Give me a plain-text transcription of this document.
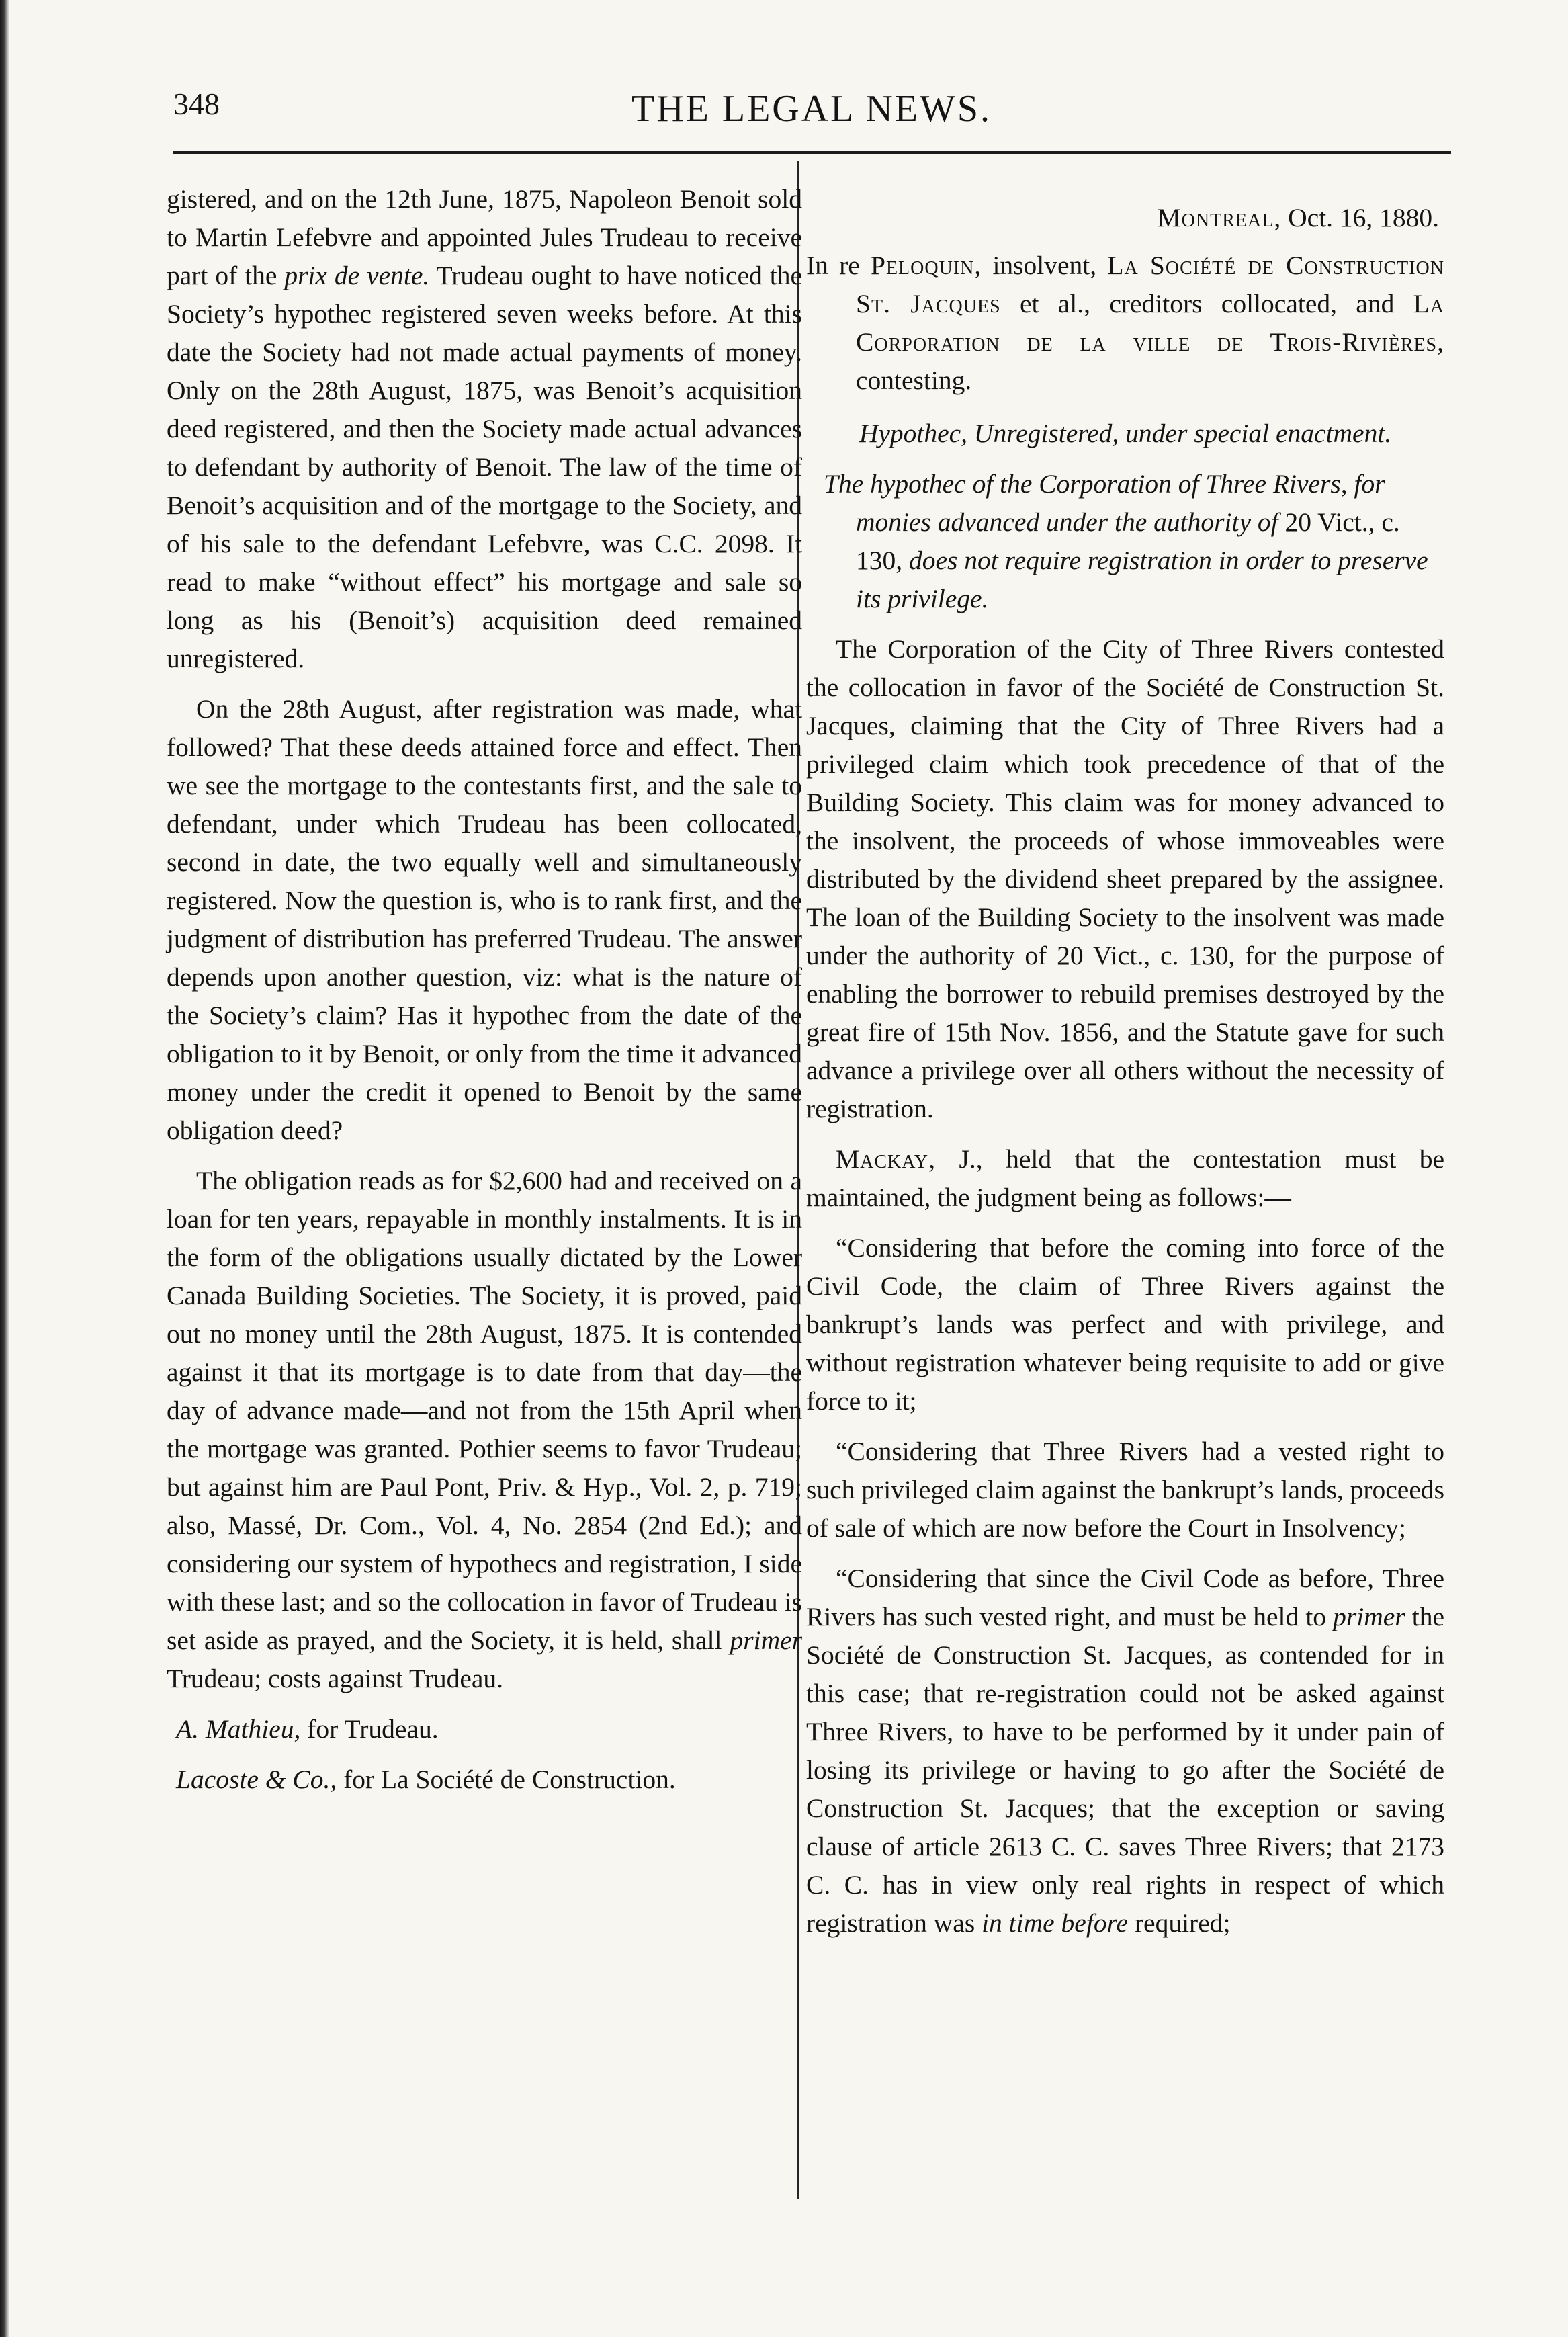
348	THE LEGAL NEWS.

gistered, and on the 12th June, 1875, Napoleon Benoit sold to Martin Lefebvre and appointed Jules Trudeau to receive part of the prix de vente. Trudeau ought to have noticed the Society’s hypothec registered seven weeks before. At this date the Society had not made actual payments of money. Only on the 28th August, 1875, was Benoit’s acquisition deed registered, and then the Society made actual advances to defendant by authority of Benoit. The law of the time of Benoit’s acquisition and of the mortgage to the Society, and of his sale to the defendant Lefebvre, was C.C. 2098. It read to make “without effect” his mortgage and sale so long as his (Benoit’s) acquisition deed remained unregistered.

On the 28th August, after registration was made, what followed? That these deeds attained force and effect. Then we see the mortgage to the contestants first, and the sale to defendant, under which Trudeau has been collocated, second in date, the two equally well and simultaneously registered. Now the question is, who is to rank first, and the judgment of distribution has preferred Trudeau. The answer depends upon another question, viz: what is the nature of the Society’s claim? Has it hypothec from the date of the obligation to it by Benoit, or only from the time it advanced money under the credit it opened to Benoit by the same obligation deed?

The obligation reads as for $2,600 had and received on a loan for ten years, repayable in monthly instalments. It is in the form of the obligations usually dictated by the Lower Canada Building Societies. The Society, it is proved, paid out no money until the 28th August, 1875. It is contended against it that its mortgage is to date from that day—the day of advance made—and not from the 15th April when the mortgage was granted. Pothier seems to favor Trudeau; but against him are Paul Pont, Priv. & Hyp., Vol. 2, p. 719; also, Massé, Dr. Com., Vol. 4, No. 2854 (2nd Ed.); and considering our system of hypothecs and registration, I side with these last; and so the collocation in favor of Trudeau is set aside as prayed, and the Society, it is held, shall primer Trudeau; costs against Trudeau.

A. Mathieu, for Trudeau.

Lacoste & Co., for La Société de Construction.

Montreal, Oct. 16, 1880.

In re Peloquin, insolvent, La Société de Construction St. Jacques et al., creditors collocated, and La Corporation de la ville de Trois-Rivières, contesting.

Hypothec, Unregistered, under special enactment.

The hypothec of the Corporation of Three Rivers, for monies advanced under the authority of 20 Vict., c. 130, does not require registration in order to preserve its privilege.

The Corporation of the City of Three Rivers contested the collocation in favor of the Société de Construction St. Jacques, claiming that the City of Three Rivers had a privileged claim which took precedence of that of the Building Society. This claim was for money advanced to the insolvent, the proceeds of whose immoveables were distributed by the dividend sheet prepared by the assignee. The loan of the Building Society to the insolvent was made under the authority of 20 Vict., c. 130, for the purpose of enabling the borrower to rebuild premises destroyed by the great fire of 15th Nov. 1856, and the Statute gave for such advance a privilege over all others without the necessity of registration.

Mackay, J., held that the contestation must be maintained, the judgment being as follows:—

“Considering that before the coming into force of the Civil Code, the claim of Three Rivers against the bankrupt’s lands was perfect and with privilege, and without registration whatever being requisite to add or give force to it;

“Considering that Three Rivers had a vested right to such privileged claim against the bankrupt’s lands, proceeds of sale of which are now before the Court in Insolvency;

“Considering that since the Civil Code as before, Three Rivers has such vested right, and must be held to primer the Société de Construction St. Jacques, as contended for in this case; that re-registration could not be asked against Three Rivers, to have to be performed by it under pain of losing its privilege or having to go after the Société de Construction St. Jacques; that the exception or saving clause of article 2613 C. C. saves Three Rivers; that 2173 C. C. has in view only real rights in respect of which registration was in time before required;
